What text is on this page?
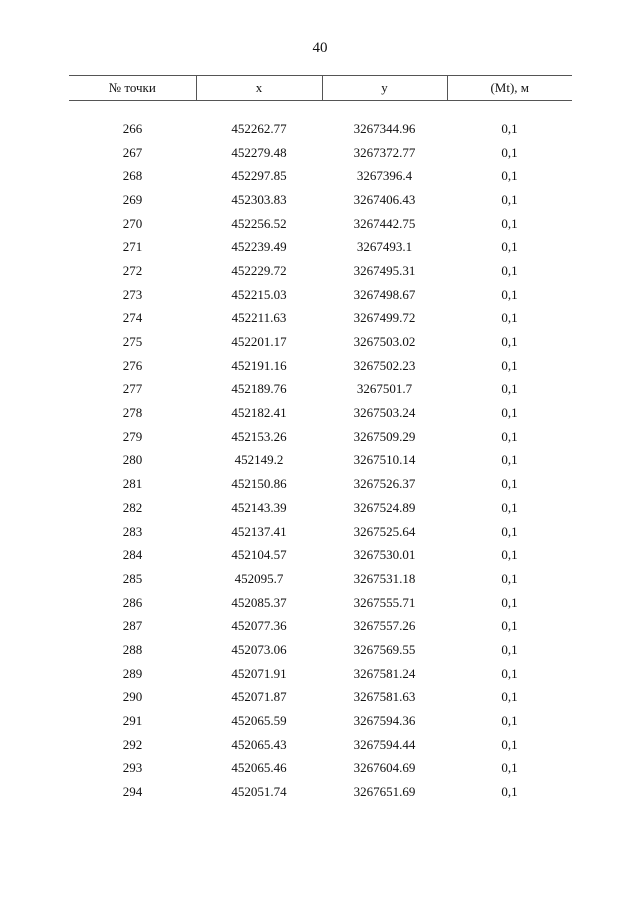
40
№ точки	x	y	(Mt), м

266	452262.77	3267344.96	0,1
267	452279.48	3267372.77	0,1
268	452297.85	3267396.4	0,1
269	452303.83	3267406.43	0,1
270	452256.52	3267442.75	0,1
271	452239.49	3267493.1	0,1
272	452229.72	3267495.31	0,1
273	452215.03	3267498.67	0,1
274	452211.63	3267499.72	0,1
275	452201.17	3267503.02	0,1
276	452191.16	3267502.23	0,1
277	452189.76	3267501.7	0,1
278	452182.41	3267503.24	0,1
279	452153.26	3267509.29	0,1
280	452149.2	3267510.14	0,1
281	452150.86	3267526.37	0,1
282	452143.39	3267524.89	0,1
283	452137.41	3267525.64	0,1
284	452104.57	3267530.01	0,1
285	452095.7	3267531.18	0,1
286	452085.37	3267555.71	0,1
287	452077.36	3267557.26	0,1
288	452073.06	3267569.55	0,1
289	452071.91	3267581.24	0,1
290	452071.87	3267581.63	0,1
291	452065.59	3267594.36	0,1
292	452065.43	3267594.44	0,1
293	452065.46	3267604.69	0,1
294	452051.74	3267651.69	0,1
